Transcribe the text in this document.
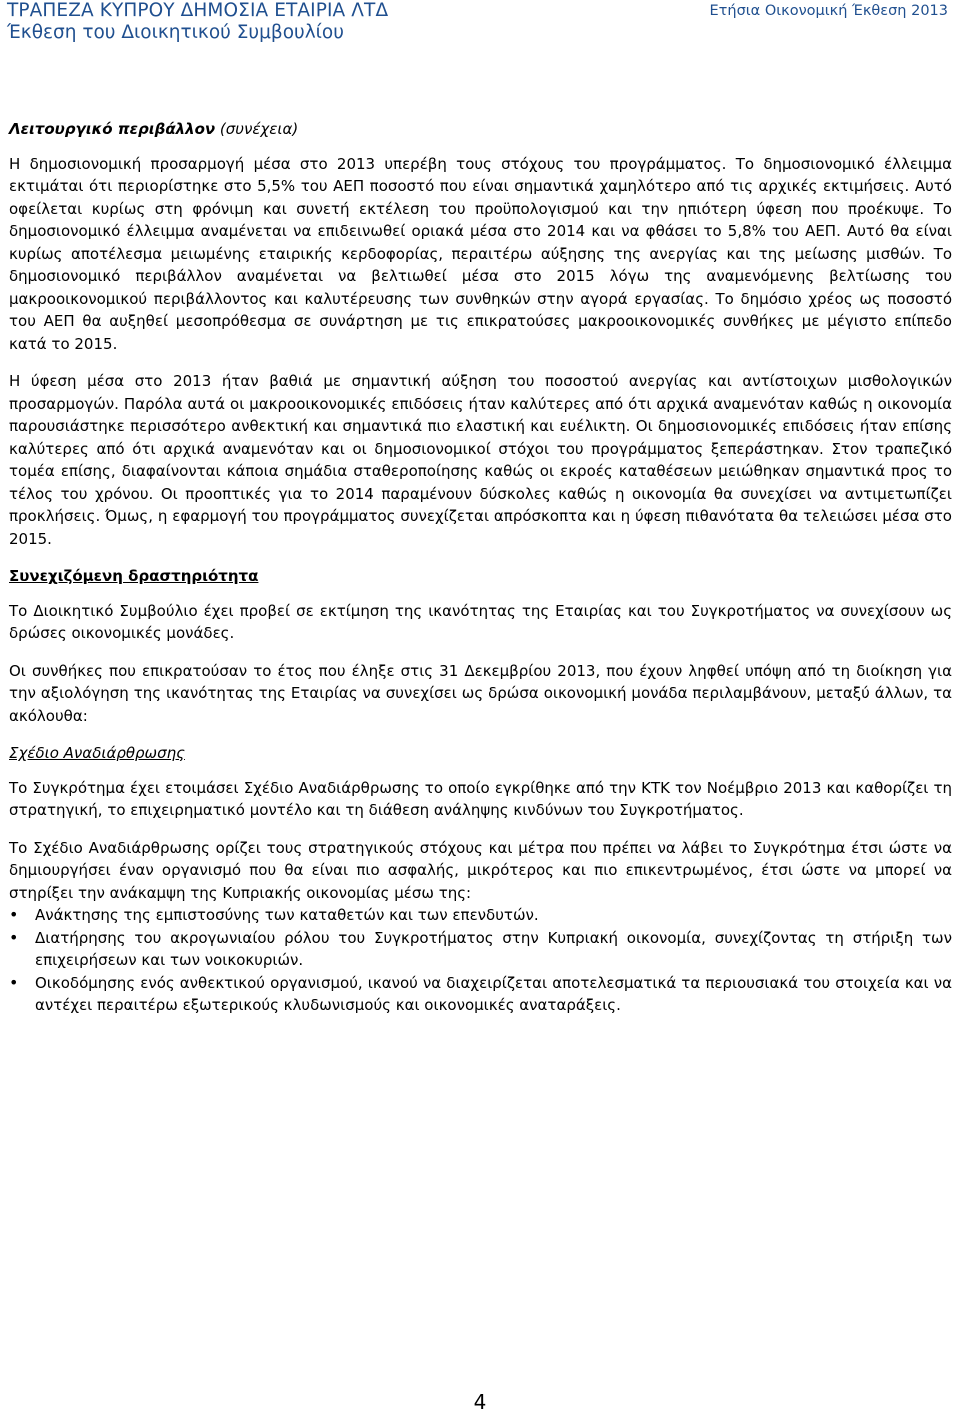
ΤΡΑΠΕΖΑ ΚΥΠΡΟΥ ΔΗΜΟΣΙΑ ΕΤΑΙΡΙΑ ΛΤΔ
Έκθεση του Διοικητικού Συμβουλίου
Ετήσια Οικονομική Έκθεση 2013

Λειτουργικό περιβάλλον (συνέχεια)

Η δημοσιονομική προσαρμογή μέσα στο 2013 υπερέβη τους στόχους του προγράμματος. Το δημοσιονομικό έλλειμμα εκτιμάται ότι περιορίστηκε στο 5,5% του ΑΕΠ ποσοστό που είναι σημαντικά χαμηλότερο από τις αρχικές εκτιμήσεις. Αυτό οφείλεται κυρίως στη φρόνιμη και συνετή εκτέλεση του προϋπολογισμού και την ηπιότερη ύφεση που προέκυψε. Το δημοσιονομικό έλλειμμα αναμένεται να επιδεινωθεί οριακά μέσα στο 2014 και να φθάσει το 5,8% του ΑΕΠ. Αυτό θα είναι κυρίως αποτέλεσμα μειωμένης εταιρικής κερδοφορίας, περαιτέρω αύξησης της ανεργίας και της μείωσης μισθών. Το δημοσιονομικό περιβάλλον αναμένεται να βελτιωθεί μέσα στο 2015 λόγω της αναμενόμενης βελτίωσης του μακροοικονομικού περιβάλλοντος και καλυτέρευσης των συνθηκών στην αγορά εργασίας. Το δημόσιο χρέος ως ποσοστό του ΑΕΠ θα αυξηθεί μεσοπρόθεσμα σε συνάρτηση με τις επικρατούσες μακροοικονομικές συνθήκες με μέγιστο επίπεδο κατά το 2015.

Η ύφεση μέσα στο 2013 ήταν βαθιά με σημαντική αύξηση του ποσοστού ανεργίας και αντίστοιχων μισθολογικών προσαρμογών. Παρόλα αυτά οι μακροοικονομικές επιδόσεις ήταν καλύτερες από ότι αρχικά αναμενόταν καθώς η οικονομία παρουσιάστηκε περισσότερο ανθεκτική και σημαντικά πιο ελαστική και ευέλικτη. Οι δημοσιονομικές επιδόσεις ήταν επίσης καλύτερες από ότι αρχικά αναμενόταν και οι δημοσιονομικοί στόχοι του προγράμματος ξεπεράστηκαν. Στον τραπεζικό τομέα επίσης, διαφαίνονται κάποια σημάδια σταθεροποίησης καθώς οι εκροές καταθέσεων μειώθηκαν σημαντικά προς το τέλος του χρόνου. Οι προοπτικές για το 2014 παραμένουν δύσκολες καθώς η οικονομία θα συνεχίσει να αντιμετωπίζει προκλήσεις. Όμως, η εφαρμογή του προγράμματος συνεχίζεται απρόσκοπτα και η ύφεση πιθανότατα θα τελειώσει μέσα στο 2015.

Συνεχιζόμενη δραστηριότητα

Το Διοικητικό Συμβούλιο έχει προβεί σε εκτίμηση της ικανότητας της Εταιρίας και του Συγκροτήματος να συνεχίσουν ως δρώσες οικονομικές μονάδες.

Οι συνθήκες που επικρατούσαν το έτος που έληξε στις 31 Δεκεμβρίου 2013, που έχουν ληφθεί υπόψη από τη διοίκηση για την αξιολόγηση της ικανότητας της Εταιρίας να συνεχίσει ως δρώσα οικονομική μονάδα περιλαμβάνουν, μεταξύ άλλων, τα ακόλουθα:

Σχέδιο Αναδιάρθρωσης

Το Συγκρότημα έχει ετοιμάσει Σχέδιο Αναδιάρθρωσης το οποίο εγκρίθηκε από την ΚΤΚ τον Νοέμβριο 2013 και καθορίζει τη στρατηγική, το επιχειρηματικό μοντέλο και τη διάθεση ανάληψης κινδύνων του Συγκροτήματος.

Το Σχέδιο Αναδιάρθρωσης ορίζει τους στρατηγικούς στόχους και μέτρα που πρέπει να λάβει το Συγκρότημα έτσι ώστε να δημιουργήσει έναν οργανισμό που θα είναι πιο ασφαλής, μικρότερος και πιο επικεντρωμένος, έτσι ώστε να μπορεί να στηρίξει την ανάκαμψη της Κυπριακής οικονομίας μέσω της:

• Ανάκτησης της εμπιστοσύνης των καταθετών και των επενδυτών.
• Διατήρησης του ακρογωνιαίου ρόλου του Συγκροτήματος στην Κυπριακή οικονομία, συνεχίζοντας τη στήριξη των επιχειρήσεων και των νοικοκυριών.
• Οικοδόμησης ενός ανθεκτικού οργανισμού, ικανού να διαχειρίζεται αποτελεσματικά τα περιουσιακά του στοιχεία και να αντέχει περαιτέρω εξωτερικούς κλυδωνισμούς και οικονομικές αναταράξεις.
4
